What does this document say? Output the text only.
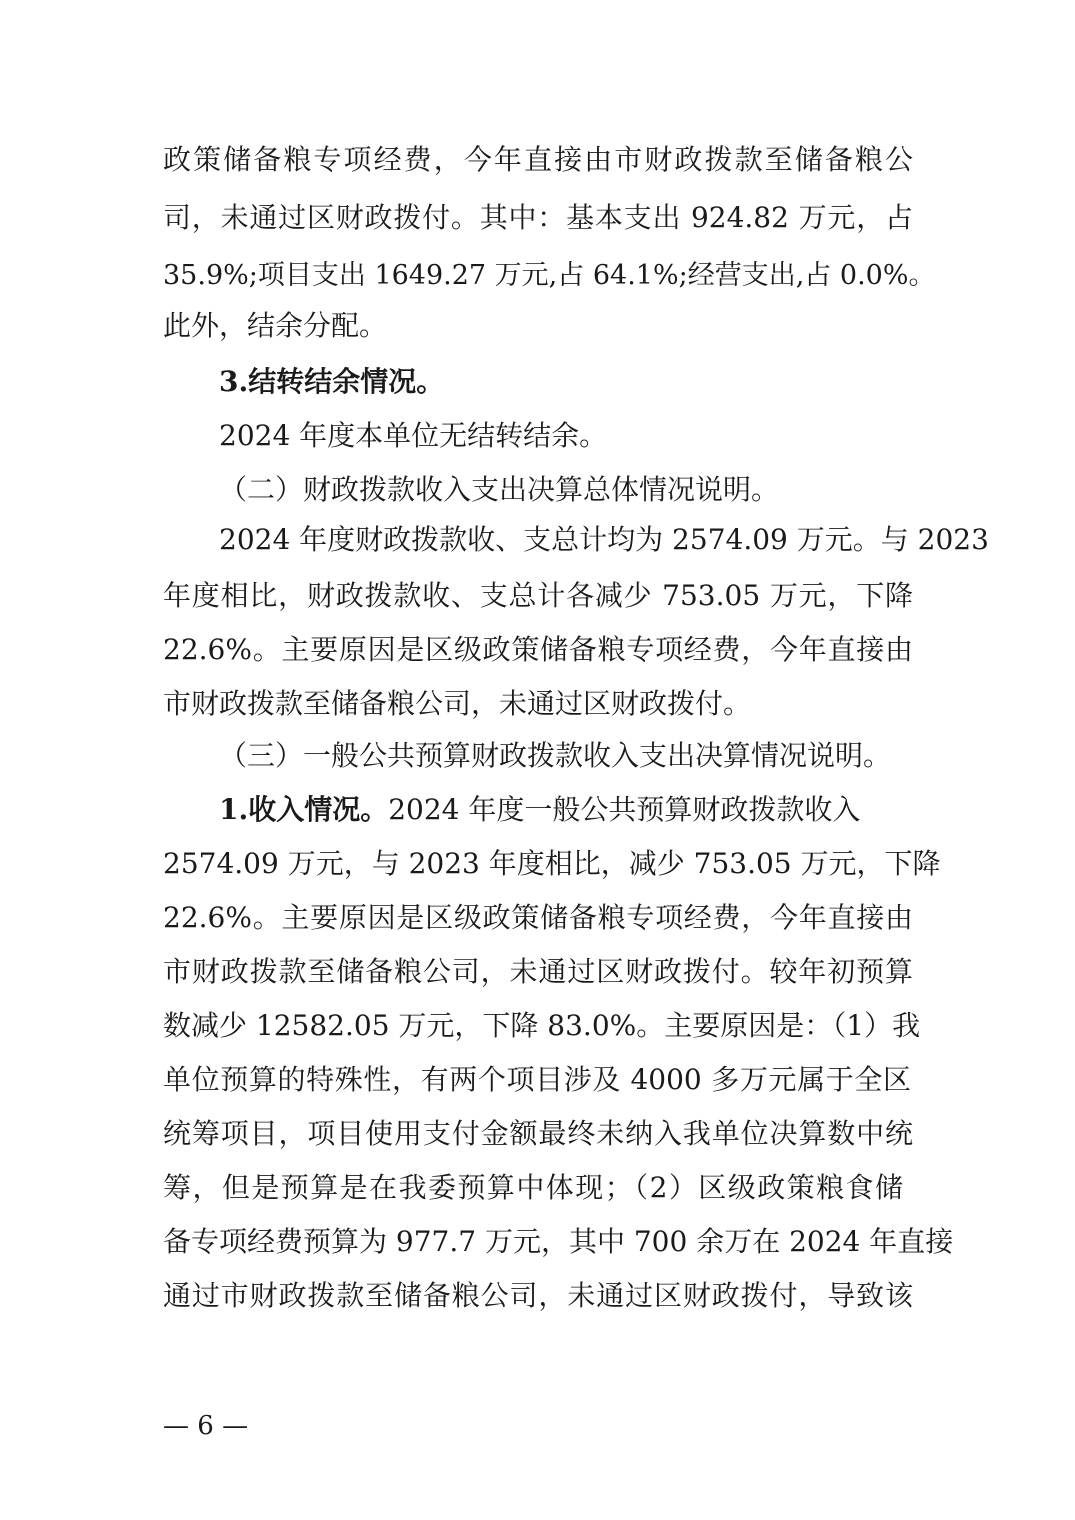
政策储备粮专项经费，今年直接由市财政拨款至储备粮公
司，未通过区财政拨付。其中：基本支出 924.82 万元，占
35.9%;项目支出 1649.27 万元,占 64.1%;经营支出,占 0.0%。
此外，结余分配。
3.结转结余情况。
2024 年度本单位无结转结余。
（二）财政拨款收入支出决算总体情况说明。
2024 年度财政拨款收、支总计均为 2574.09 万元。与 2023
年度相比，财政拨款收、支总计各减少 753.05 万元，下降
22.6%。主要原因是区级政策储备粮专项经费，今年直接由
市财政拨款至储备粮公司，未通过区财政拨付。
（三）一般公共预算财政拨款收入支出决算情况说明。
1.收入情况。2024 年度一般公共预算财政拨款收入
2574.09 万元，与 2023 年度相比，减少 753.05 万元，下降
22.6%。主要原因是区级政策储备粮专项经费，今年直接由
市财政拨款至储备粮公司，未通过区财政拨付。较年初预算
数减少 12582.05 万元，下降 83.0%。主要原因是：（1）我
单位预算的特殊性，有两个项目涉及 4000 多万元属于全区
统筹项目，项目使用支付金额最终未纳入我单位决算数中统
筹，但是预算是在我委预算中体现；（2）区级政策粮食储
备专项经费预算为 977.7 万元，其中 700 余万在 2024 年直接
通过市财政拨款至储备粮公司，未通过区财政拨付，导致该
— 6 —
